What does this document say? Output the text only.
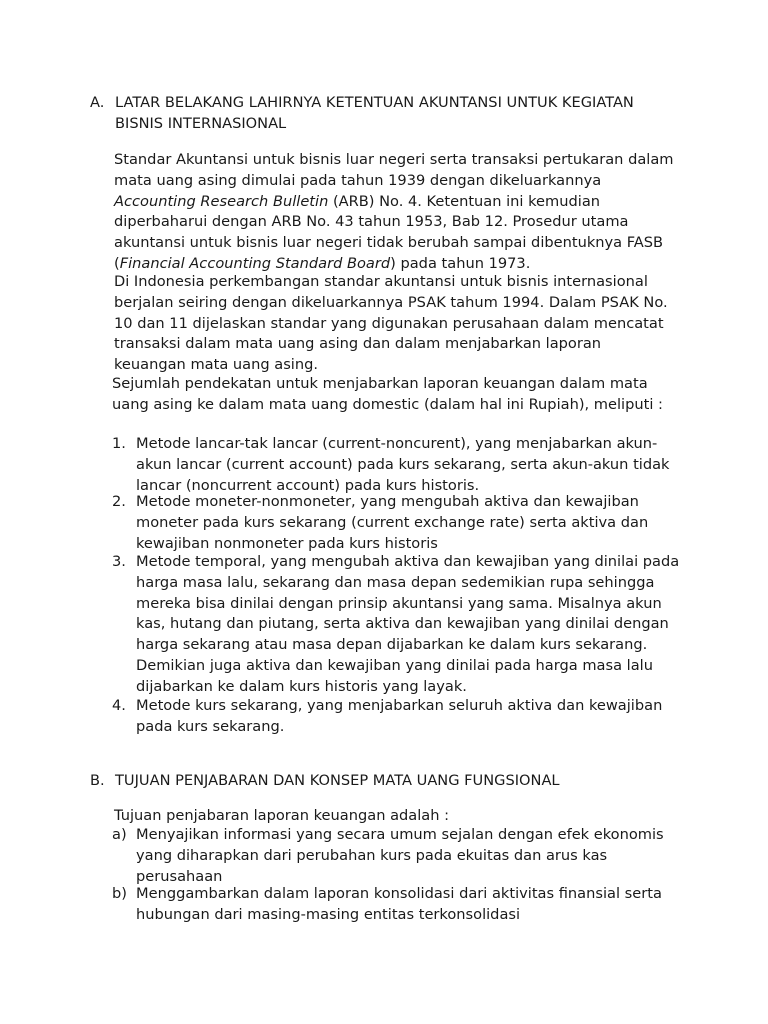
A. LATAR BELAKANG LAHIRNYA KETENTUAN AKUNTANSI UNTUK KEGIATAN BISNIS INTERNASIONAL
Standar Akuntansi untuk bisnis luar negeri serta transaksi pertukaran dalam mata uang asing dimulai pada tahun 1939 dengan dikeluarkannya Accounting Research Bulletin (ARB) No. 4. Ketentuan ini kemudian diperbaharui dengan ARB No. 43 tahun 1953, Bab 12. Prosedur utama akuntansi untuk bisnis luar negeri tidak berubah sampai dibentuknya FASB (Financial Accounting Standard Board) pada tahun 1973.
Di Indonesia perkembangan standar akuntansi untuk bisnis internasional berjalan seiring dengan dikeluarkannya PSAK tahum 1994. Dalam PSAK No. 10 dan 11 dijelaskan standar yang digunakan perusahaan dalam mencatat transaksi dalam mata uang asing dan dalam menjabarkan laporan keuangan mata uang asing.
Sejumlah pendekatan untuk menjabarkan laporan keuangan dalam mata uang asing ke dalam mata uang domestic (dalam hal ini Rupiah), meliputi :
1. Metode lancar-tak lancar (current-noncurent), yang menjabarkan akun-akun lancar (current account) pada kurs sekarang, serta akun-akun tidak lancar (noncurrent account) pada kurs historis.
2. Metode moneter-nonmoneter, yang mengubah aktiva dan kewajiban moneter pada kurs sekarang (current exchange rate) serta aktiva dan kewajiban nonmoneter pada kurs historis
3. Metode temporal, yang mengubah aktiva dan kewajiban yang dinilai pada harga masa lalu, sekarang dan masa depan sedemikian rupa sehingga mereka bisa dinilai dengan prinsip akuntansi yang sama. Misalnya akun kas, hutang dan piutang, serta aktiva dan kewajiban yang dinilai dengan harga sekarang atau masa depan dijabarkan ke dalam kurs sekarang. Demikian juga aktiva dan kewajiban yang dinilai pada harga masa lalu dijabarkan ke dalam kurs historis yang layak.
4. Metode kurs sekarang, yang menjabarkan seluruh aktiva dan kewajiban pada kurs sekarang.
B. TUJUAN PENJABARAN DAN KONSEP MATA UANG FUNGSIONAL
Tujuan penjabaran laporan keuangan adalah :
a) Menyajikan informasi yang secara umum sejalan dengan efek ekonomis yang diharapkan dari perubahan kurs pada ekuitas dan arus kas perusahaan
b) Menggambarkan dalam laporan konsolidasi dari aktivitas finansial serta hubungan dari masing-masing entitas terkonsolidasi
